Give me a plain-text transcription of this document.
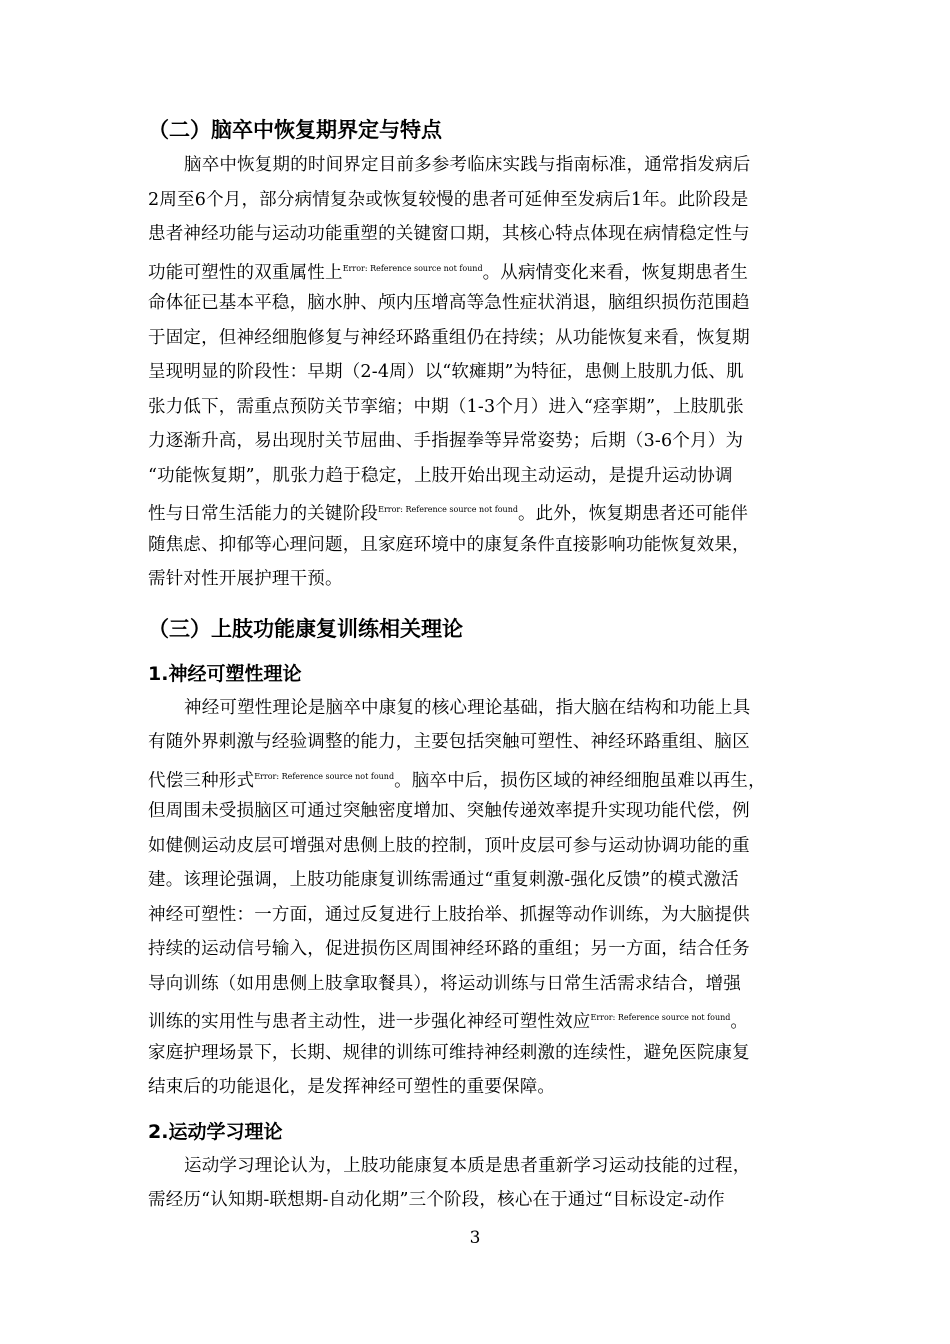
（二）脑卒中恢复期界定与特点
脑卒中恢复期的时间界定目前多参考临床实践与指南标准，通常指发病后
2周至6个月，部分病情复杂或恢复较慢的患者可延伸至发病后1年。此阶段是
患者神经功能与运动功能重塑的关键窗口期，其核心特点体现在病情稳定性与
功能可塑性的双重属性上$^{Error: Reference source not found}$。从病情变化来看，恢复期患者生
命体征已基本平稳，脑水肿、颅内压增高等急性症状消退，脑组织损伤范围趋
于固定，但神经细胞修复与神经环路重组仍在持续；从功能恢复来看，恢复期
呈现明显的阶段性：早期（2-4周）以“软瘫期”为特征，患侧上肢肌力低、肌
张力低下，需重点预防关节挛缩；中期（1-3个月）进入“痉挛期”，上肢肌张
力逐渐升高，易出现肘关节屈曲、手指握拳等异常姿势；后期（3-6个月）为
“功能恢复期”，肌张力趋于稳定，上肢开始出现主动运动，是提升运动协调
性与日常生活能力的关键阶段$^{Error: Reference source not found}$。此外，恢复期患者还可能伴
随焦虑、抑郁等心理问题，且家庭环境中的康复条件直接影响功能恢复效果，
需针对性开展护理干预。
（三）上肢功能康复训练相关理论
1.神经可塑性理论
神经可塑性理论是脑卒中康复的核心理论基础，指大脑在结构和功能上具
有随外界刺激与经验调整的能力，主要包括突触可塑性、神经环路重组、脑区
代偿三种形式$^{Error: Reference source not found}$。脑卒中后，损伤区域的神经细胞虽难以再生，
但周围未受损脑区可通过突触密度增加、突触传递效率提升实现功能代偿，例
如健侧运动皮层可增强对患侧上肢的控制，顶叶皮层可参与运动协调功能的重
建。该理论强调，上肢功能康复训练需通过“重复刺激-强化反馈”的模式激活
神经可塑性：一方面，通过反复进行上肢抬举、抓握等动作训练，为大脑提供
持续的运动信号输入，促进损伤区周围神经环路的重组；另一方面，结合任务
导向训练（如用患侧上肢拿取餐具），将运动训练与日常生活需求结合，增强
训练的实用性与患者主动性，进一步强化神经可塑性效应$^{Error: Reference source not found}$。
家庭护理场景下，长期、规律的训练可维持神经刺激的连续性，避免医院康复
结束后的功能退化，是发挥神经可塑性的重要保障。
2.运动学习理论
运动学习理论认为，上肢功能康复本质是患者重新学习运动技能的过程，
需经历“认知期-联想期-自动化期”三个阶段，核心在于通过“目标设定-动作
3
